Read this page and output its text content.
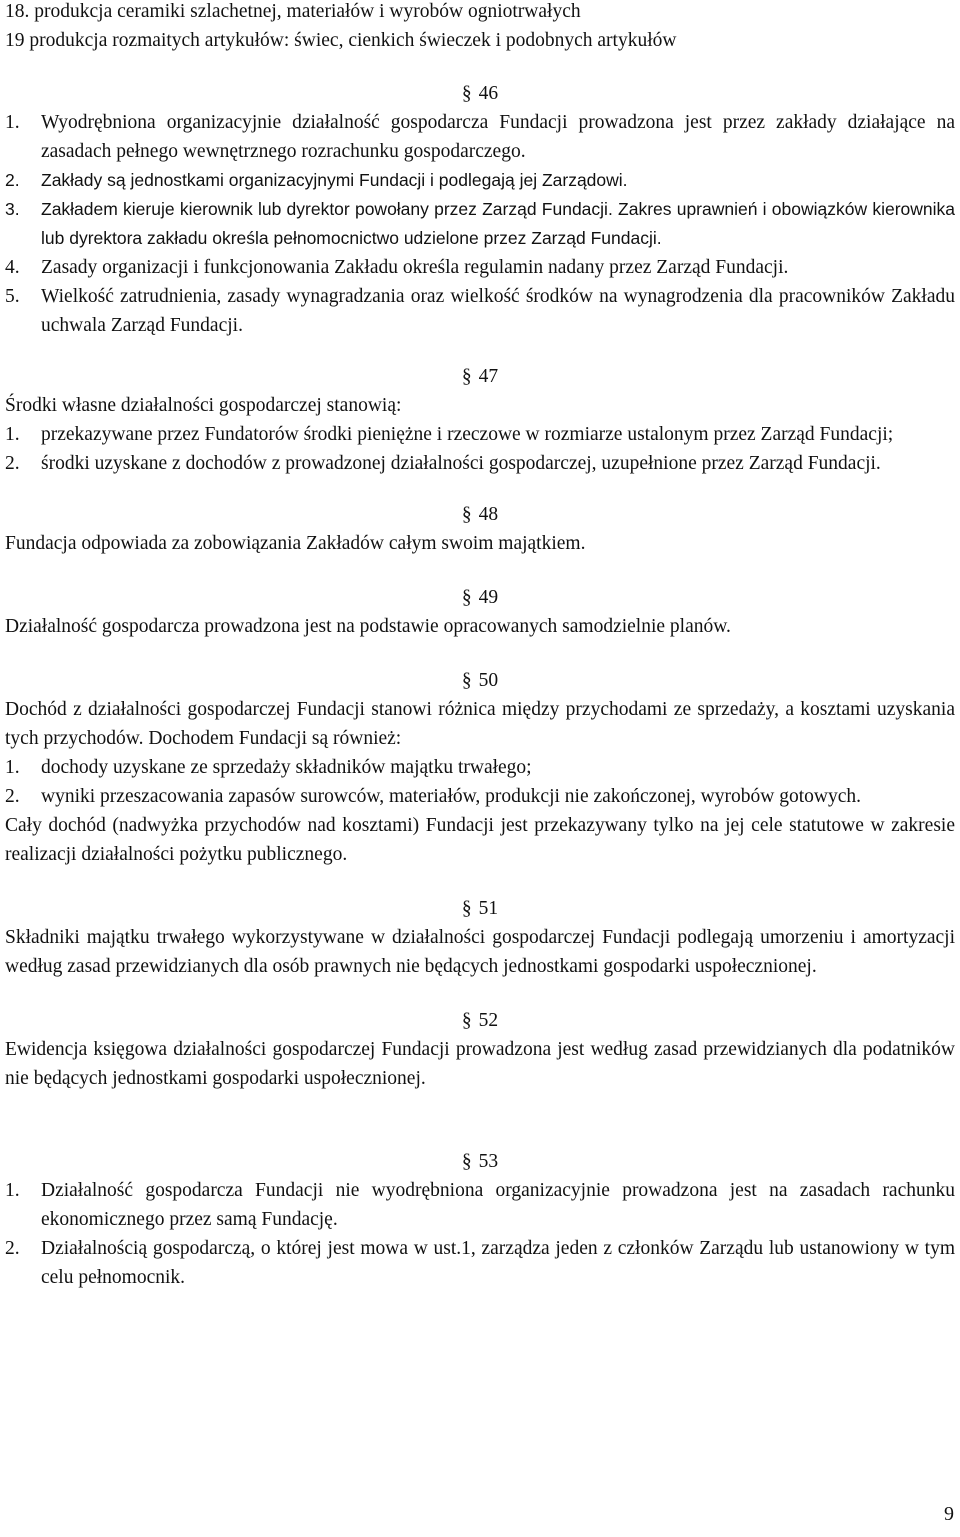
18. produkcja ceramiki szlachetnej, materiałów i wyrobów ogniotrwałych
19 produkcja rozmaitych artykułów: świec, cienkich świeczek i podobnych artykułów
§ 46
1.	Wyodrębniona organizacyjnie działalność gospodarcza Fundacji prowadzona jest przez zakłady działające na zasadach pełnego wewnętrznego rozrachunku gospodarczego.
2.	Zakłady są jednostkami organizacyjnymi Fundacji i podlegają jej Zarządowi.
3.	Zakładem kieruje kierownik lub dyrektor powołany przez Zarząd Fundacji. Zakres uprawnień i obowiązków kierownika lub dyrektora zakładu określa pełnomocnictwo udzielone przez Zarząd Fundacji.
4.	Zasady organizacji i funkcjonowania Zakładu określa regulamin nadany przez Zarząd Fundacji.
5.	Wielkość zatrudnienia, zasady wynagradzania oraz wielkość środków na wynagrodzenia dla pracowników Zakładu uchwala Zarząd Fundacji.
§ 47
Środki własne działalności gospodarczej stanowią:
1.	przekazywane przez Fundatorów środki pieniężne i rzeczowe w rozmiarze ustalonym przez Zarząd Fundacji;
2.	środki uzyskane z dochodów z prowadzonej działalności gospodarczej, uzupełnione przez Zarząd Fundacji.
§ 48
Fundacja odpowiada za zobowiązania Zakładów całym swoim majątkiem.
§ 49
Działalność gospodarcza prowadzona jest na podstawie opracowanych samodzielnie planów.
§ 50
Dochód z działalności gospodarczej Fundacji stanowi różnica między przychodami ze sprzedaży, a kosztami uzyskania tych przychodów. Dochodem Fundacji są również:
1.	dochody uzyskane ze sprzedaży składników majątku trwałego;
2.	wyniki przeszacowania zapasów surowców, materiałów, produkcji nie zakończonej, wyrobów gotowych.
Cały dochód (nadwyżka przychodów nad kosztami) Fundacji jest przekazywany tylko na jej cele statutowe w zakresie realizacji działalności pożytku publicznego.
§ 51
Składniki majątku trwałego wykorzystywane w działalności gospodarczej Fundacji podlegają umorzeniu i amortyzacji według zasad przewidzianych dla osób prawnych nie będących jednostkami gospodarki uspołecznionej.
§ 52
Ewidencja księgowa działalności gospodarczej Fundacji prowadzona jest według zasad przewidzianych dla podatników nie będących jednostkami gospodarki uspołecznionej.
§ 53
1.	Działalność gospodarcza Fundacji nie wyodrębniona organizacyjnie prowadzona jest na zasadach rachunku ekonomicznego przez samą Fundację.
2.	Działalnością gospodarczą, o której jest mowa w ust.1, zarządza jeden z członków Zarządu lub ustanowiony w tym celu pełnomocnik.
9
